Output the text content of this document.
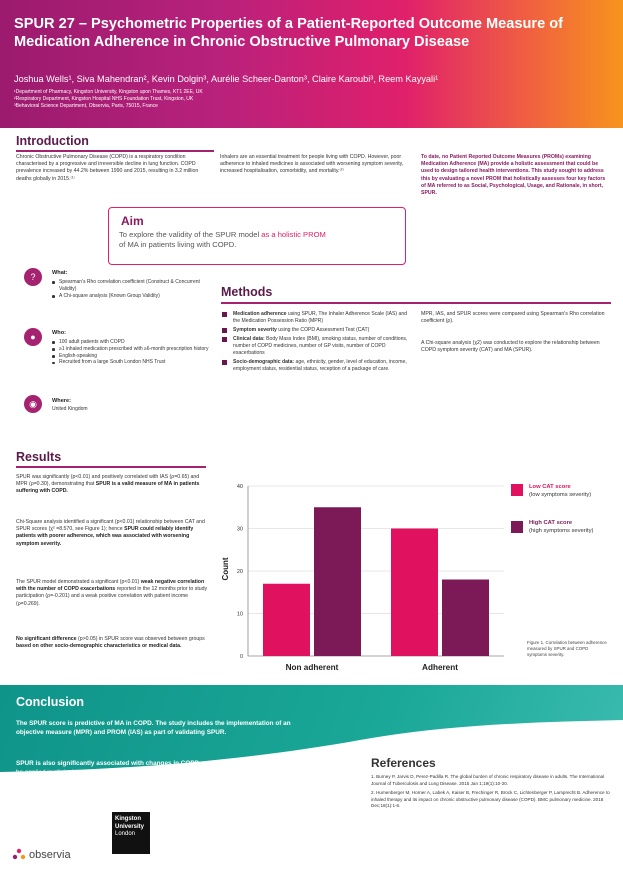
SPUR 27 – Psychometric Properties of a Patient-Reported Outcome Measure of Medication Adherence in Chronic Obstructive Pulmonary Disease
Joshua Wells¹, Siva Mahendran², Kevin Dolgin³, Aurélie Scheer-Danton³, Claire Karoubi³, Reem Kayyali¹
¹Department of Pharmacy, Kingston University, Kingston upon Thames, KT1 2EE, UK
²Respiratory Department, Kingston Hospital NHS Foundation Trust, Kingston, UK
³Behavioral Science Department, Observia, Paris, 75015, France
Introduction
Chronic Obstructive Pulmonary Disease (COPD) is a respiratory condition characterised by a progressive and irreversible decline in lung function. COPD prevalence increased by 44.2% between 1990 and 2015, resulting in 3.2 million deaths globally in 2015.⁽¹⁾
Inhalers are an essential treatment for people living with COPD. However, poor adherence to inhaled medicines is associated with worsening symptom severity, increased hospitalisation, comorbidity, and mortality.⁽²⁾
To date, no Patient Reported Outcome Measures (PROMs) examining Medication Adherence (MA) provide a holistic assessment that could be used to design tailored health interventions. This study sought to address this by evaluating a novel PROM that holistically assesses four key factors of MA referred to as Social, Psychological, Usage, and Rationale, in short, SPUR.
Aim
To explore the validity of the SPUR model as a holistic PROM
of MA in patients living with COPD.
?	What:
Spearman's Rho correlation coefficient (Construct & Concurrent Validity)
A Chi-square analysis (Known Group Validity)
●	Who:
100 adult patients with COPD
≥1 inhaled medication prescribed with ≥6-month prescription history
English-speaking
Recruited from a large South London NHS Trust
◉	Where:
United Kingdom
Methods
Medication adherence using SPUR, The Inhaler Adherence Scale (IAS) and the Medication Possession Ratio (MPR)
Symptom severity using the COPD Assessment Test (CAT)
Clinical data: Body Mass Index (BMI), smoking status, number of conditions, number of COPD medicines, number of GP visits, number of COPD exacerbations
Socio-demographic data: age, ethnicity, gender, level of education, income, employment status, residential status, reception of a package of care.
MPR, IAS, and SPUR scores were compared using Spearman's Rho correlation coefficient (ρ).
A Chi-square analysis (χ2) was conducted to explore the relationship between COPD symptom severity (CAT) and MA (SPUR).
Results
SPUR was significantly (p<0.01) and positively correlated with IAS (ρ=0.65) and MPR (ρ=0.30), demonstrating that SPUR is a valid measure of MA in patients suffering with COPD.
Chi-Square analysis identified a significant (p<0.01) relationship between CAT and SPUR scores (χ² =8.570, see Figure 1); hence SPUR could reliably identify patients with poorer adherence, which was associated with worsening symptom severity.
The SPUR model demonstrated a significant (p<0.01) weak negative correlation with the number of COPD exacerbations reported in the 12 months prior to study participation (ρ=-0.201) and a weak positive correlation with patient income (ρ=0.269).
No significant difference (p>0.05) in SPUR score was observed between groups based on other socio-demographic characteristics or medical data.
0
10
20
30
40
Count
Non adherent	Adherent
Low CAT score
(low symptoms severity)
High CAT score
(high symptoms severity)
Figure 1. Correlation between adherence measured by SPUR and COPD symptoms severity.
Conclusion
The SPUR score is predictive of MA in COPD. The study includes the implementation of an objective measure (MPR) and PROM (IAS) as part of validating SPUR.
SPUR is also significantly associated with changes in COPD symptom severity. This finding could be applied in clinical practice to prospectively address patient outcomes linked to poor MA.
References
1. Burney P, Jarvis D, Perez-Padilla R. The global burden of chronic respiratory disease in adults. The International Journal of Tuberculosis and Lung Disease. 2015 Jan 1;19(1):10-20.
2. Humenberger M, Horner A, Labek A, Kaiser B, Frechinger R, Brock C, Lichtenberger P, Lamprecht B. Adherence to inhaled therapy and its impact on chronic obstructive pulmonary disease (COPD). BMC pulmonary medicine. 2018 Dec;18(1):1-6.
Kingston
University
London
observia
